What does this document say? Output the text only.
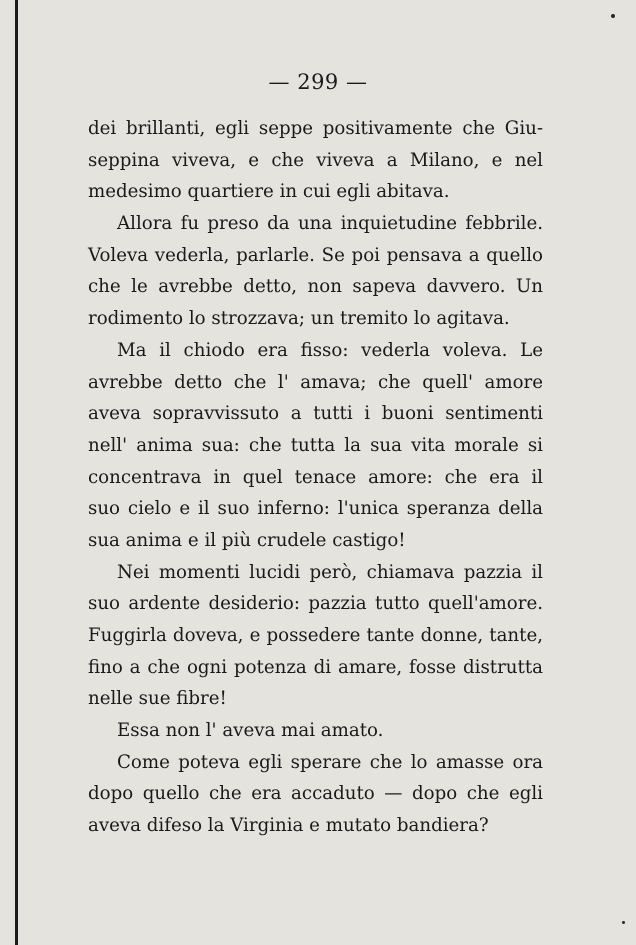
— 299 —
dei brillanti, egli seppe positivamente che Giu-
seppina viveva, e che viveva a Milano, e nel
medesimo quartiere in cui egli abitava.
Allora fu preso da una inquietudine febbrile.
Voleva vederla, parlarle. Se poi pensava a quello
che le avrebbe detto, non sapeva davvero. Un
rodimento lo strozzava; un tremito lo agitava.
Ma il chiodo era fisso: vederla voleva. Le
avrebbe detto che l' amava; che quell' amore
aveva sopravvissuto a tutti i buoni sentimenti
nell' anima sua: che tutta la sua vita morale si
concentrava in quel tenace amore: che era il
suo cielo e il suo inferno: l'unica speranza della
sua anima e il più crudele castigo!
Nei momenti lucidi però, chiamava pazzia il
suo ardente desiderio: pazzia tutto quell'amore.
Fuggirla doveva, e possedere tante donne, tante,
fino a che ogni potenza di amare, fosse distrutta
nelle sue fibre!
Essa non l' aveva mai amato.
Come poteva egli sperare che lo amasse ora
dopo quello che era accaduto — dopo che egli
aveva difeso la Virginia e mutato bandiera?
